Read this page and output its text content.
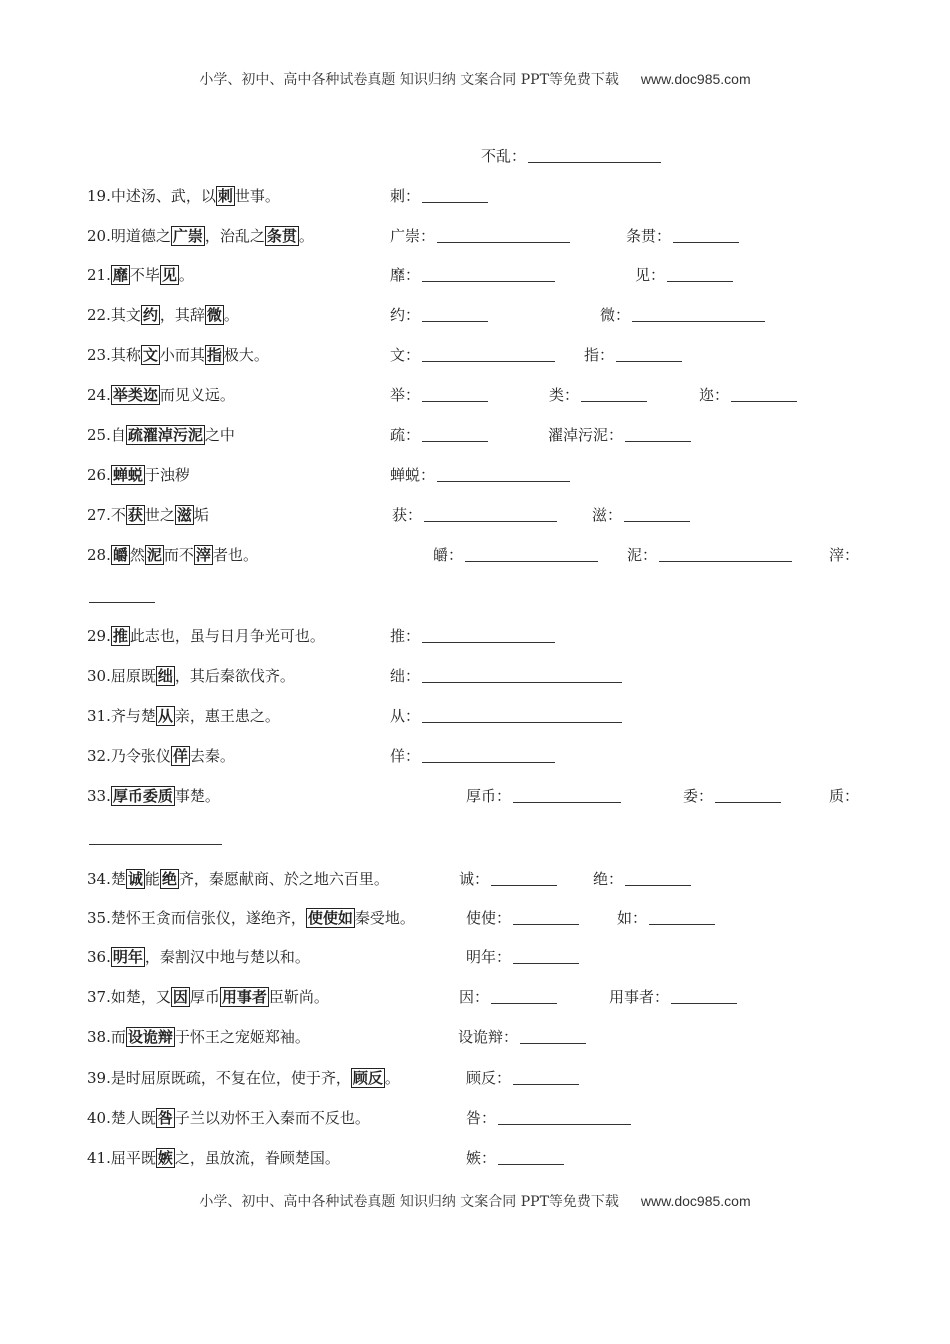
小学、初中、高中各种试卷真题 知识归纳 文案合同 PPT等免费下载 www.doc985.com
不乱：
19.中述汤、武，以 刺 世事。	刺：
20.明道德之 广崇 ，治乱之 条贯 。	广崇：	条贯：
21. 靡 不毕 见 。	靡：	见：
22.其文 约 ，其辞 微 。	约：	微：
23.其称 文 小而其 指 极大。	文：	指：
24. 举类迩 而见义远。	举：	类：	迩：
25.自 疏濯淖污泥 之中	疏：	濯淖污泥：
26. 蝉蜕 于浊秽	蝉蜕：
27.不 获 世之 滋 垢	获：	滋：
28. 皭 然 泥 而不 滓 者也。	皭：	泥：	滓：
29. 推 此志也，虽与日月争光可也。	推：
30.屈原既 绌 ，其后秦欲伐齐。	绌：
31.齐与楚 从 亲，惠王患之。	从：
32.乃令张仪 佯 去秦。	佯：
33. 厚币委质 事楚。	厚币：	委：	质：
34.楚 诚 能 绝 齐，秦愿献商、於之地六百里。	诚：	绝：
35.楚怀王贪而信张仪，遂绝齐， 使使如 秦受地。	使使：	如：
36. 明年 ，秦割汉中地与楚以和。	明年：
37.如楚，又 因 厚币 用事者 臣靳尚。	因：	用事者：
38.而 设诡辩 于怀王之宠姬郑袖。	设诡辩：
39.是时屈原既疏，不复在位，使于齐， 顾反 。	顾反：
40.楚人既 咎 子兰以劝怀王入秦而不反也。	咎：
41.屈平既 嫉 之，虽放流，眷顾楚国。	嫉：
小学、初中、高中各种试卷真题 知识归纳 文案合同 PPT等免费下载 www.doc985.com
